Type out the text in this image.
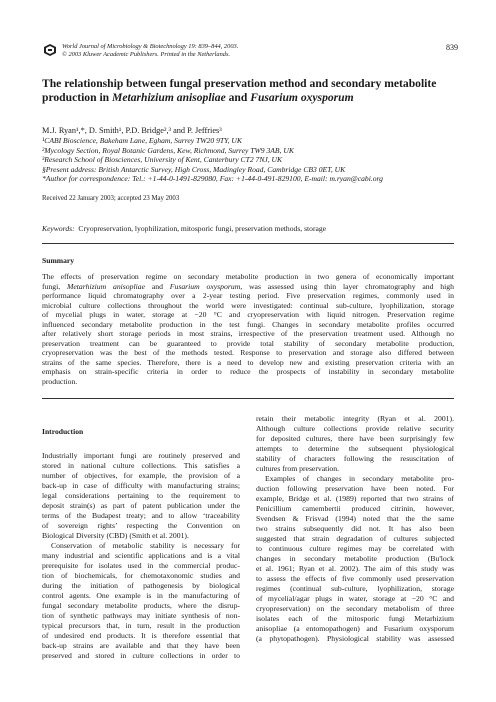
World Journal of Microbiology & Biotechnology 19: 839–844, 2003.
© 2003 Kluwer Academic Publishers. Printed in the Netherlands.
839
The relationship between fungal preservation method and secondary metabolite
production in Metarhizium anisopliae and Fusarium oxysporum
M.J. Ryan¹,*, D. Smith¹, P.D. Bridge²,³ and P. Jeffries³
¹CABI Bioscience, Bakeham Lane, Egham, Surrey TW20 9TY, UK
²Mycology Section, Royal Botanic Gardens, Kew, Richmond, Surrey TW9 3AB, UK
³Research School of Biosciences, University of Kent, Canterbury CT2 7NJ, UK
§Present address: British Antarctic Survey, High Cross, Madingley Road, Cambridge CB3 0ET, UK
*Author for correspondence: Tel.: +1-44-0-1491-829080, Fax: +1-44-0-491-829100, E-mail: m.ryan@cabi.org
Received 22 January 2003; accepted 23 May 2003
Keywords: Cryopreservation, lyophilization, mitosporic fungi, preservation methods, storage
Summary
The effects of preservation regime on secondary metabolite production in two genera of economically important
fungi, Metarhizium anisopliae and Fusarium oxysporum, was assessed using thin layer chromatography and high
performance liquid chromatography over a 2-year testing period. Five preservation regimes, commonly used in
microbial culture collections throughout the world were investigated: continual sub-culture, lyophilization, storage
of mycelial plugs in water, storage at −20 °C and cryopreservation with liquid nitrogen. Preservation regime
influenced secondary metabolite production in the test fungi. Changes in secondary metabolite profiles occurred
after relatively short storage periods in most strains, irrespective of the preservation treatment used. Although no
preservation treatment can be guaranteed to provide total stability of secondary metabolite production,
cryopreservation was the best of the methods tested. Response to preservation and storage also differed between
strains of the same species. Therefore, there is a need to develop new and existing preservation criteria with an
emphasis on strain-specific criteria in order to reduce the prospects of instability in secondary metabolite
production.
Introduction
Industrially important fungi are routinely preserved and
stored in national culture collections. This satisfies a
number of objectives, for example, the provision of a
back-up in case of difficulty with manufacturing strains;
legal considerations pertaining to the requirement to
deposit strain(s) as part of patent publication under the
terms of the Budapest treaty; and to allow ‘traceability
of sovereign rights’ respecting the Convention on
Biological Diversity (CBD) (Smith et al. 2001).
Conservation of metabolic stability is necessary for
many industrial and scientific applications and is a vital
prerequisite for isolates used in the commercial produc-
tion of biochemicals, for chemotaxonomic studies and
during the initiation of pathogenesis by biological
control agents. One example is in the manufacturing of
fungal secondary metabolite products, where the disrup-
tion of synthetic pathways may initiate synthesis of non-
typical precursors that, in turn, result in the production
of undesired end products. It is therefore essential that
back-up strains are available and that they have been
preserved and stored in culture collections in order to
retain their metabolic integrity (Ryan et al. 2001).
Although culture collections provide relative security
for deposited cultures, there have been surprisingly few
attempts to determine the subsequent physiological
stability of characters following the resuscitation of
cultures from preservation.
Examples of changes in secondary metabolite pro-
duction following preservation have been noted. For
example, Bridge et al. (1989) reported that two strains of
Penicillium camembertii produced citrinin, however,
Svendsen & Frisvad (1994) noted that the the same
two strains subsequently did not. It has also been
suggested that strain degradation of cultures subjected
to continuous culture regimes may be correlated with
changes in secondary metabolite production (Bu'lock
et al. 1961; Ryan et al. 2002). The aim of this study was
to assess the effects of five commonly used preservation
regimes (continual sub-culture, lyophilization, storage
of mycelial/agar plugs in water, storage at −20 °C and
cryopreservation) on the secondary metabolism of three
isolates each of the mitosporic fungi Metarhizium
anisopliae (a entomopathogen) and Fusarium oxysporum
(a phytopathogen). Physiological stability was assessed
